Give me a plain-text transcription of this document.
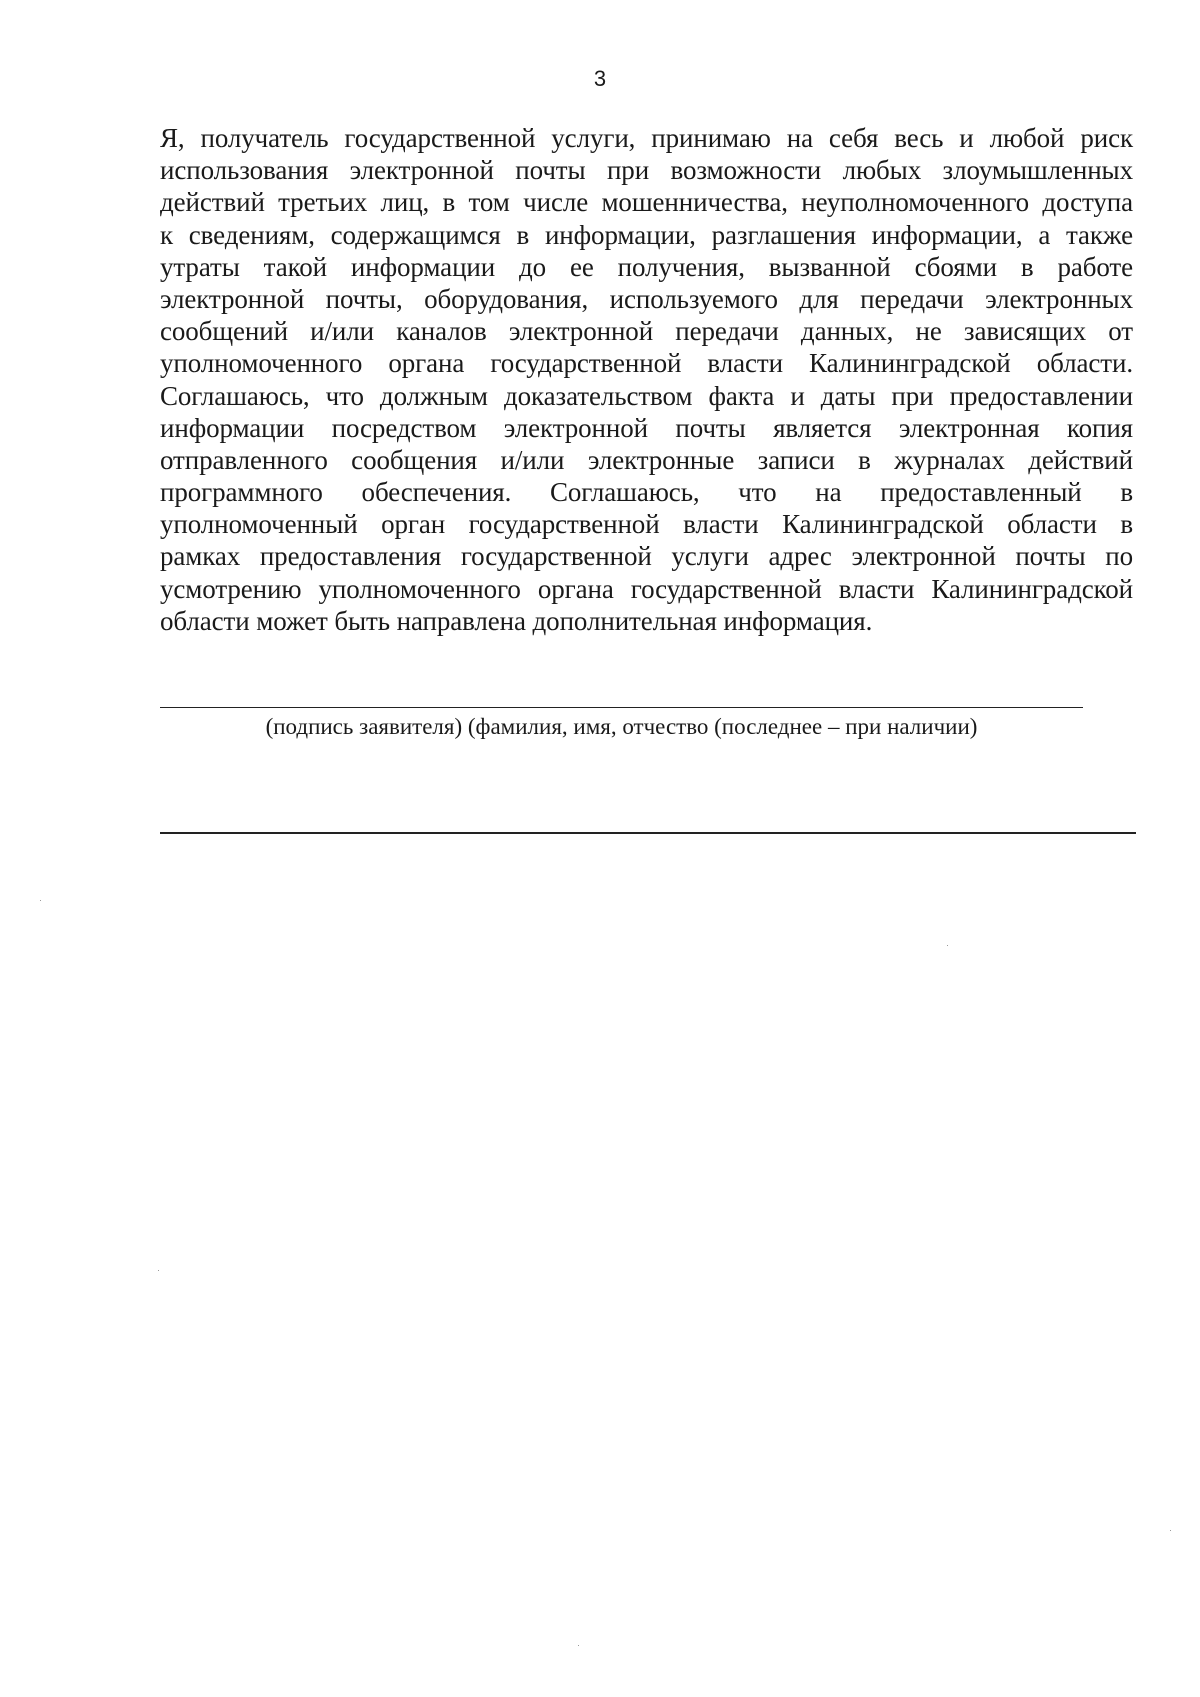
3
Я, получатель государственной услуги, принимаю на себя весь и любой риск
использования электронной почты при возможности любых злоумышленных
действий третьих лиц, в том числе мошенничества, неуполномоченного доступа
к сведениям, содержащимся в информации, разглашения информации, а также
утраты такой информации до ее получения, вызванной сбоями в работе
электронной почты, оборудования, используемого для передачи электронных
сообщений и/или каналов электронной передачи данных, не зависящих от
уполномоченного органа государственной власти Калининградской области.
Соглашаюсь, что должным доказательством факта и даты при предоставлении
информации посредством электронной почты является электронная копия
отправленного сообщения и/или электронные записи в журналах действий
программного обеспечения. Соглашаюсь, что на предоставленный в
уполномоченный орган государственной власти Калининградской области в
рамках предоставления государственной услуги адрес электронной почты по
усмотрению уполномоченного органа государственной власти Калининградской
области может быть направлена дополнительная информация.
(подпись заявителя) (фамилия, имя, отчество (последнее – при наличии)
